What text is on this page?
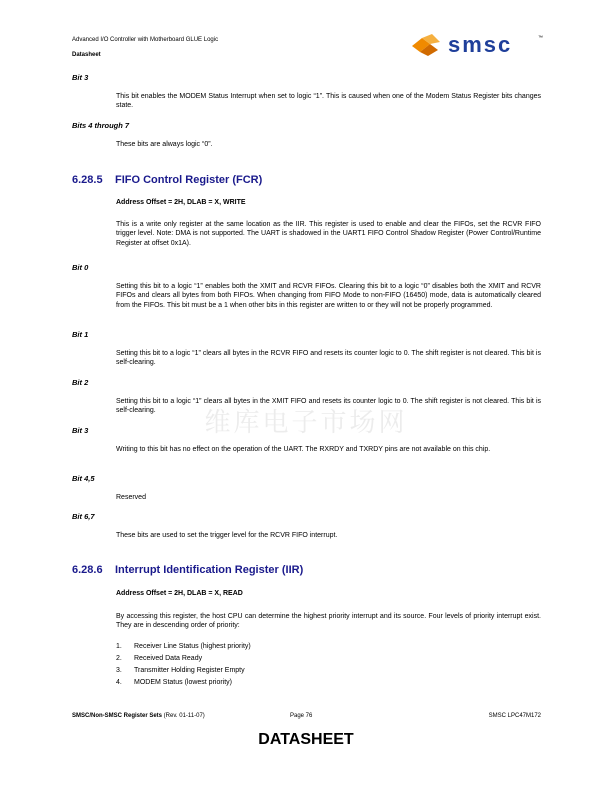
Advanced I/O Controller with Motherboard GLUE Logic
Datasheet	smsc	™
维库电子市场网
Bit 3
This bit enables the MODEM Status Interrupt when set to logic “1”. This is caused when one of the Modem Status Register bits changes state.
Bits 4 through 7
These bits are always logic “0”.
6.28.5 FIFO Control Register (FCR)
Address Offset = 2H, DLAB = X, WRITE
This is a write only register at the same location as the IIR. This register is used to enable and clear the FIFOs, set the RCVR FIFO trigger level. Note: DMA is not supported. The UART is shadowed in the UART1 FIFO Control Shadow Register (Power Control/Runtime Register at offset 0x1A).
Bit 0
Setting this bit to a logic “1” enables both the XMIT and RCVR FIFOs. Clearing this bit to a logic “0” disables both the XMIT and RCVR FIFOs and clears all bytes from both FIFOs. When changing from FIFO Mode to non-FIFO (16450) mode, data is automatically cleared from the FIFOs. This bit must be a 1 when other bits in this register are written to or they will not be properly programmed.
Bit 1
Setting this bit to a logic “1” clears all bytes in the RCVR FIFO and resets its counter logic to 0. The shift register is not cleared. This bit is self-clearing.
Bit 2
Setting this bit to a logic “1” clears all bytes in the XMIT FIFO and resets its counter logic to 0. The shift register is not cleared. This bit is self-clearing.
Bit 3
Writing to this bit has no effect on the operation of the UART. The RXRDY and TXRDY pins are not available on this chip.
Bit 4,5
Reserved
Bit 6,7
These bits are used to set the trigger level for the RCVR FIFO interrupt.
6.28.6 Interrupt Identification Register (IIR)
Address Offset = 2H, DLAB = X, READ
By accessing this register, the host CPU can determine the highest priority interrupt and its source. Four levels of priority interrupt exist. They are in descending order of priority:
1. Receiver Line Status (highest priority)
2. Received Data Ready
3. Transmitter Holding Register Empty
4. MODEM Status (lowest priority)
SMSC/Non-SMSC Register Sets (Rev. 01-11-07)	Page 76	SMSC LPC47M172
DATASHEET
